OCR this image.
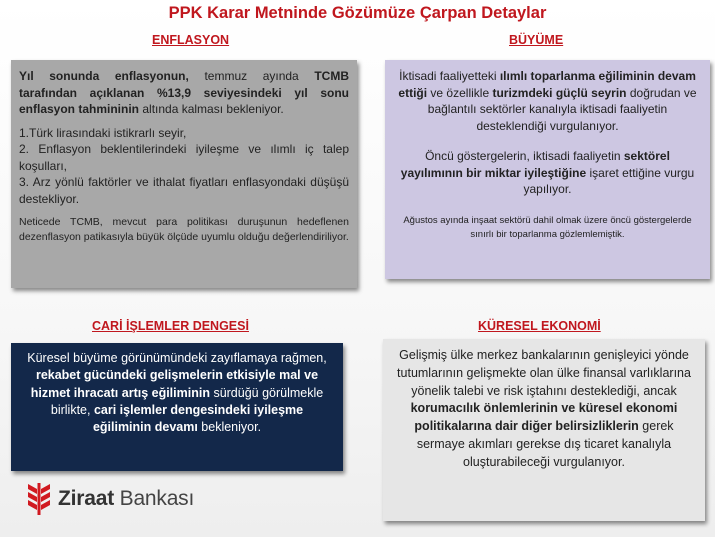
PPK Karar Metninde Gözümüze Çarpan Detaylar
ENFLASYON

Yıl sonunda enflasyonun, temmuz ayında TCMB tarafından açıklanan %13,9 seviyesindeki yıl sonu enflasyon tahmininin altında kalması bekleniyor.

1.Türk lirasındaki istikrarlı seyir,

2. Enflasyon beklentilerindeki iyileşme ve ılımlı iç talep koşulları,

3. Arz yönlü faktörler ve ithalat fiyatları enflasyondaki düşüşü destekliyor.

Neticede TCMB, mevcut para politikası duruşunun hedeflenen dezenflasyon patikasıyla büyük ölçüde uyumlu olduğu değerlendiriliyor.

BÜYÜME

İktisadi faaliyetteki ılımlı toparlanma eğiliminin devam ettiği ve özellikle turizmdeki güçlü seyrin doğrudan ve bağlantılı sektörler kanalıyla iktisadi faaliyetin desteklendiği vurgulanıyor.

Öncü göstergelerin, iktisadi faaliyetin sektörel yayılımının bir miktar iyileştiğine işaret ettiğine vurgu yapılıyor.

Ağustos ayında inşaat sektörü dahil olmak üzere öncü göstergelerde sınırlı bir toparlanma gözlemlemiştik.

CARİ İŞLEMLER DENGESİ

Küresel büyüme görünümündeki zayıflamaya rağmen, rekabet gücündeki gelişmelerin etkisiyle mal ve hizmet ihracatı artış eğiliminin sürdüğü görülmekle birlikte, cari işlemler dengesindeki iyileşme eğiliminin devamı bekleniyor.

KÜRESEL EKONOMİ

Gelişmiş ülke merkez bankalarının genişleyici yönde tutumlarının gelişmekte olan ülke finansal varlıklarına yönelik talebi ve risk iştahını desteklediği, ancak korumacılık önlemlerinin ve küresel ekonomi politikalarına dair diğer belirsizliklerin gerek sermaye akımları gerekse dış ticaret kanalıyla oluşturabileceği vurgulanıyor.

Ziraat Bankası
